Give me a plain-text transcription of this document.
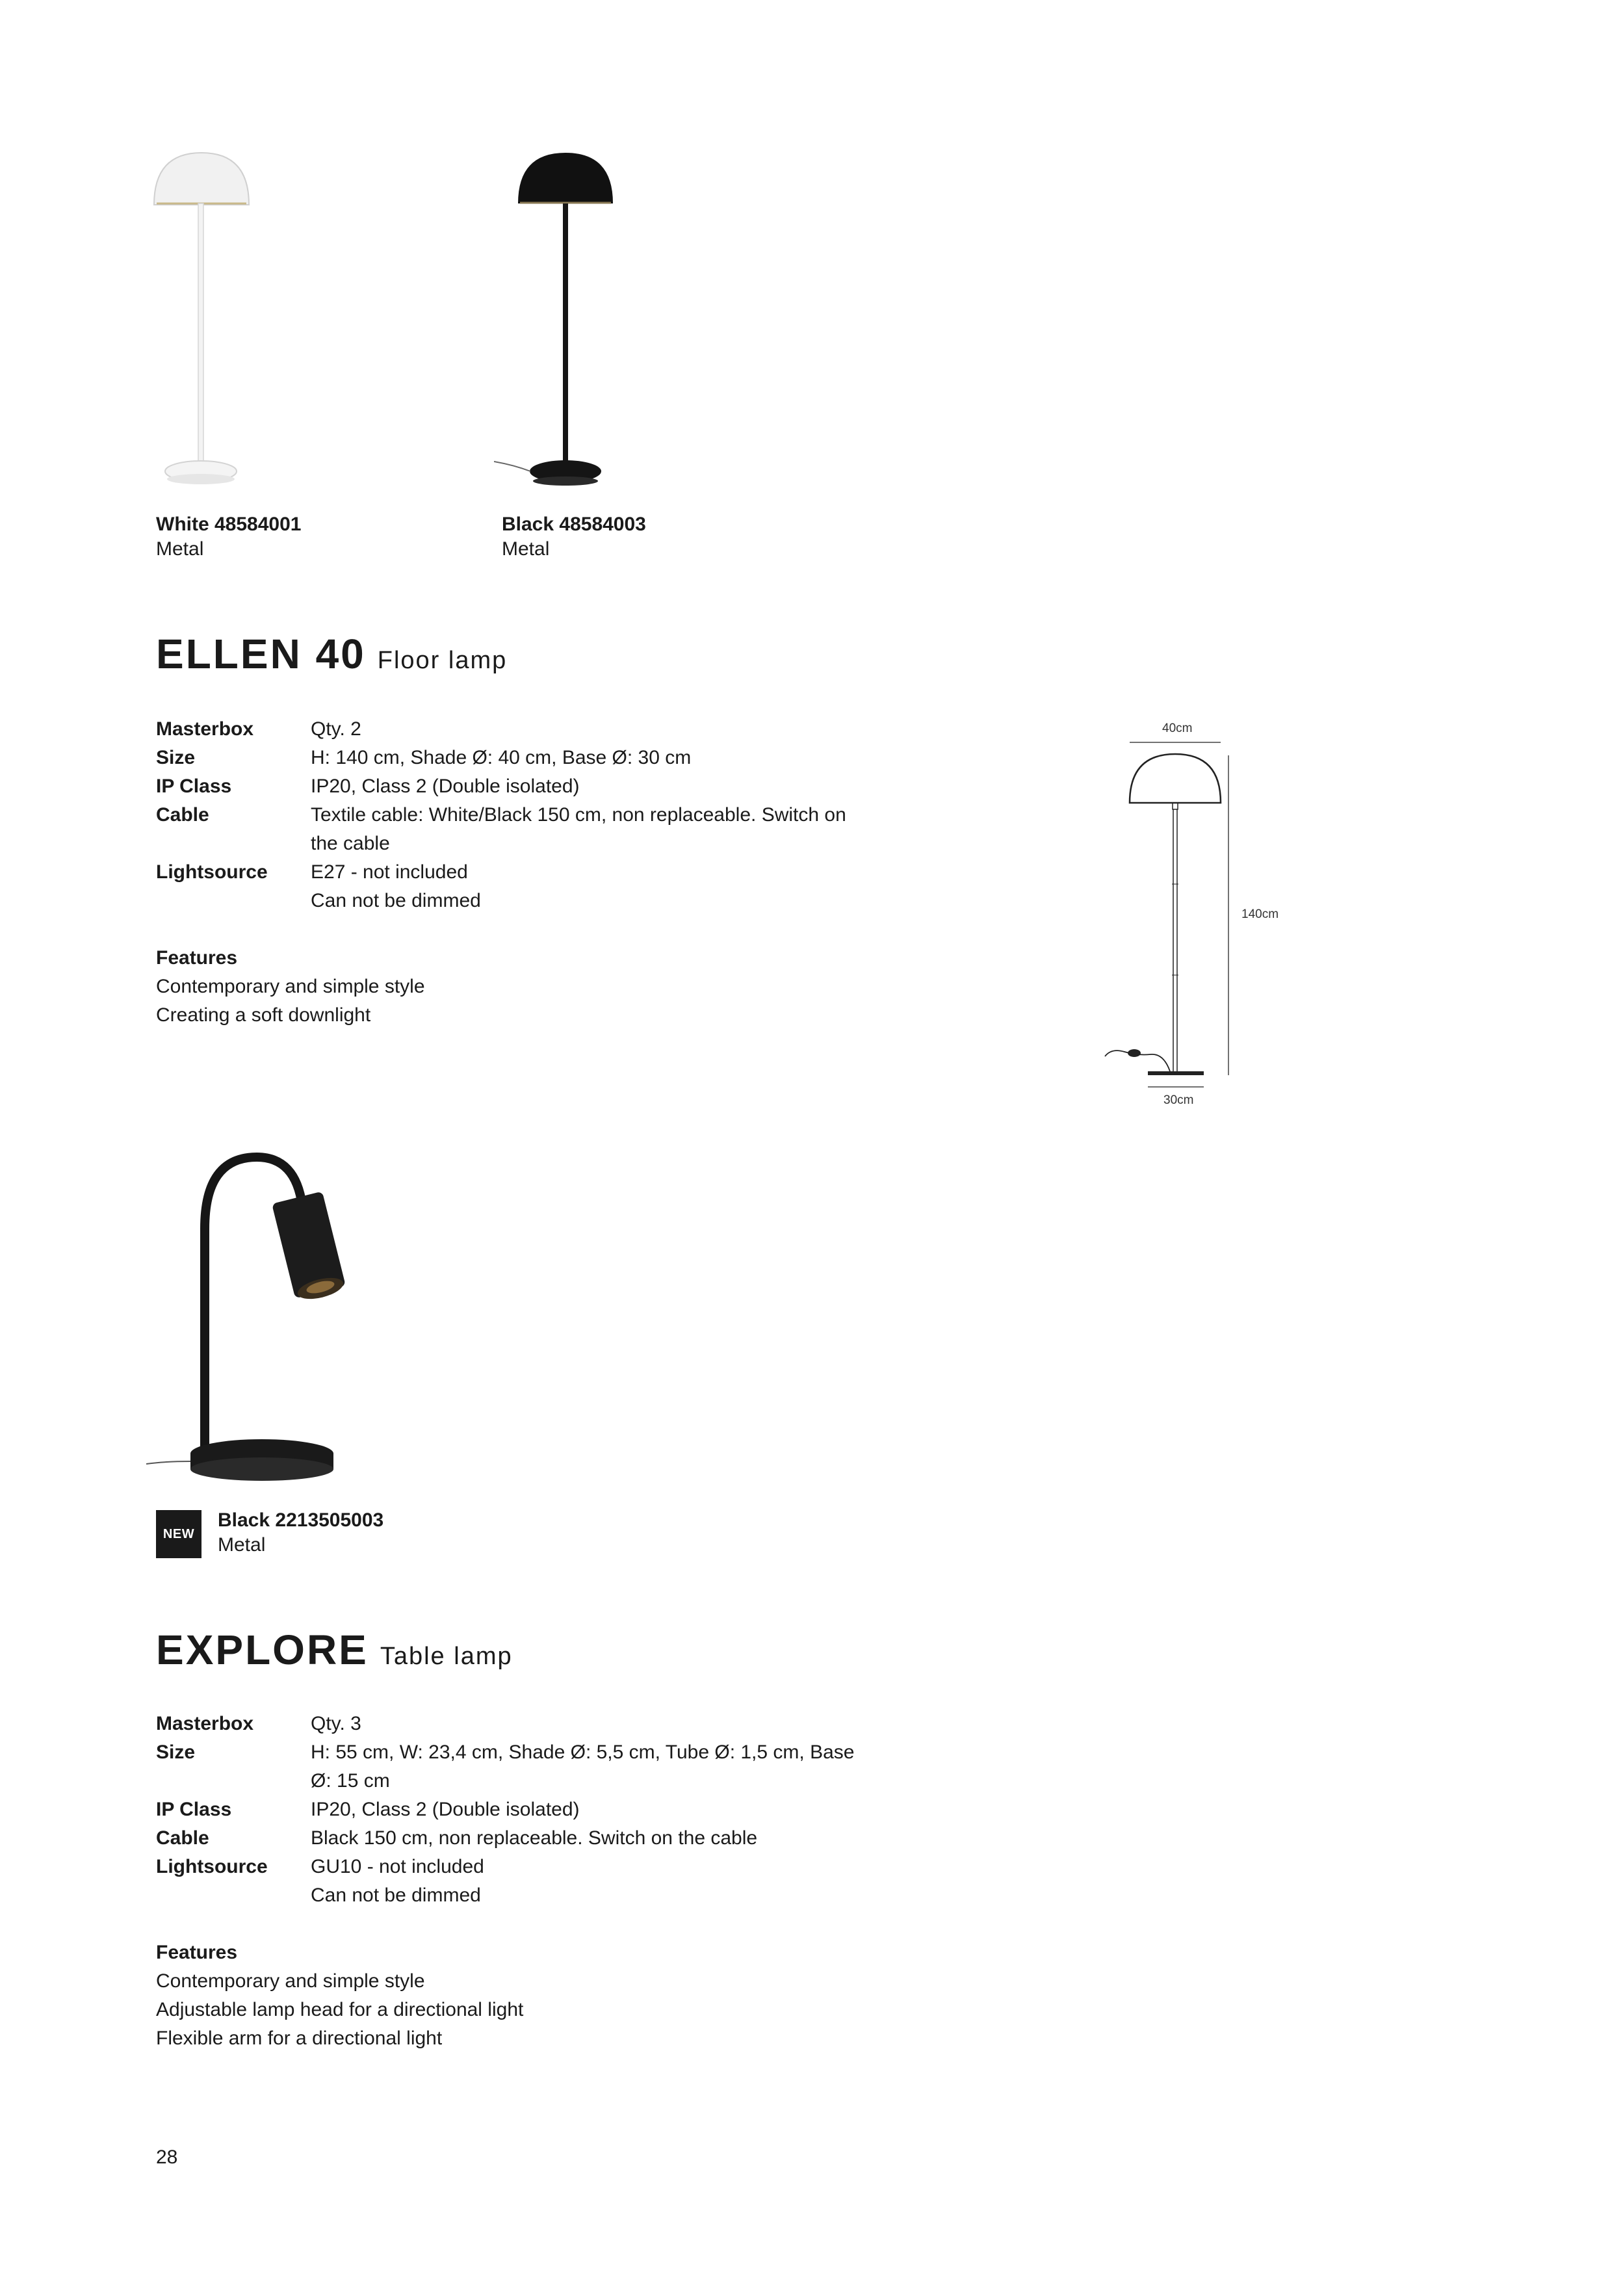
White 48584001
Metal
Black 48584003
Metal
ELLEN 40 Floor lamp
Masterbox	Qty. 2
Size	H: 140 cm, Shade Ø: 40 cm, Base Ø: 30 cm
IP Class	IP20, Class 2 (Double isolated)
Cable	Textile cable: White/Black 150 cm, non replaceable. Switch on the cable
Lightsource	E27 - not included
Can not be dimmed
Features
Contemporary and simple style
Creating a soft downlight
40cm
140cm
30cm
NEW
Black 2213505003
Metal
EXPLORE Table lamp
Masterbox	Qty. 3
Size	H: 55 cm, W: 23,4 cm, Shade Ø: 5,5 cm, Tube Ø: 1,5 cm, Base Ø: 15 cm
IP Class	IP20, Class 2 (Double isolated)
Cable	Black 150 cm, non replaceable. Switch on the cable
Lightsource	GU10 - not included
Can not be dimmed
Features
Contemporary and simple style
Adjustable lamp head for a directional light
Flexible arm for a directional light
28
